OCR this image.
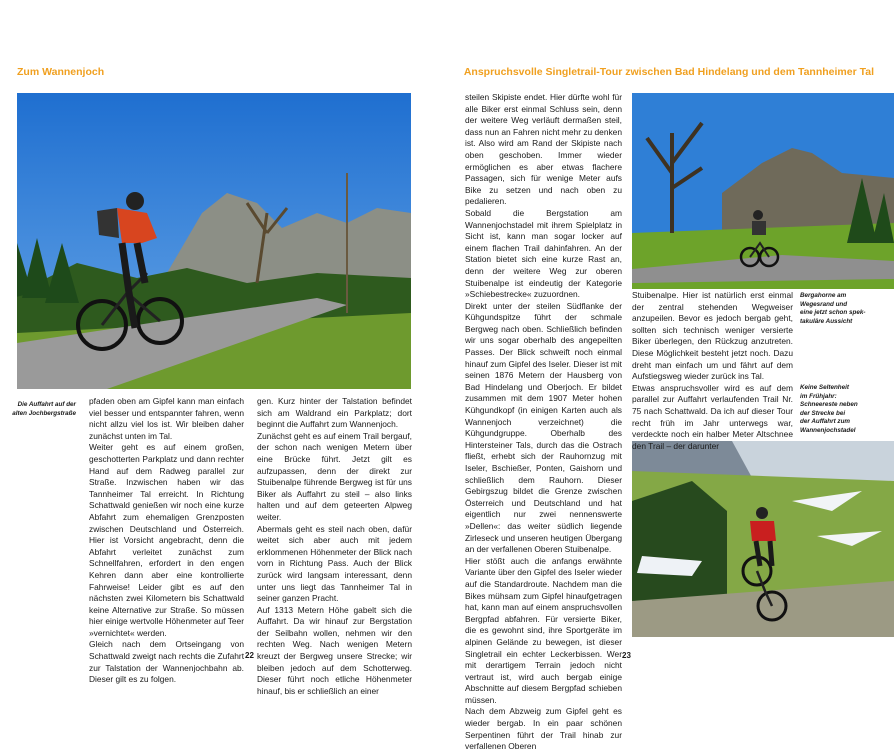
Zum Wannenjoch	Anspruchsvolle Singletrail-Tour zwischen Bad Hindelang und dem Tannheimer Tal
Die Auffahrt auf der
alten Jochbergstraße
Bergahorne am
Wegesrand und
eine jetzt schon spek-
takuläre Aussicht
Keine Seltenheit
im Frühjahr:
Schneereste neben
der Strecke bei
der Auffahrt zum
Wannenjochstadel
pfaden oben am Gipfel kann man einfach viel besser und entspannter fahren, wenn nicht allzu viel los ist. Wir bleiben daher zunächst unten im Tal.
Weiter geht es auf einem großen, geschotterten Parkplatz und dann rechter Hand auf dem Radweg parallel zur Straße. Inzwischen haben wir das Tannheimer Tal erreicht. In Richtung Schattwald genießen wir noch eine kurze Abfahrt zum ehemaligen Grenzposten zwischen Deutschland und Österreich. Hier ist Vorsicht angebracht, denn die Abfahrt verleitet zunächst zum Schnellfahren, erfordert in den engen Kehren dann aber eine kontrollierte Fahrweise! Leider gibt es auf den nächsten zwei Kilometern bis Schattwald keine Alternative zur Straße. So müssen hier einige wertvolle Höhenmeter auf Teer »vernichtet« werden.
Gleich nach dem Ortseingang von Schattwald zweigt nach rechts die Zufahrt zur Talstation der Wannenjochbahn ab. Dieser gilt es zu folgen.
gen. Kurz hinter der Talstation befindet sich am Waldrand ein Parkplatz; dort beginnt die Auffahrt zum Wannenjoch.
Zunächst geht es auf einem Trail bergauf, der schon nach wenigen Metern über eine Brücke führt. Jetzt gilt es aufzupassen, denn der direkt zur Stuibenalpe führende Bergweg ist für uns Biker als Auffahrt zu steil – also links halten und auf dem geteerten Alpweg weiter.
Abermals geht es steil nach oben, dafür weitet sich aber auch mit jedem erklommenen Höhenmeter der Blick nach vorn in Richtung Pass. Auch der Blick zurück wird langsam interessant, denn unter uns liegt das Tannheimer Tal in seiner ganzen Pracht.
Auf 1313 Metern Höhe gabelt sich die Auffahrt. Da wir hinauf zur Bergstation der Seilbahn wollen, nehmen wir den rechten Weg. Nach wenigen Metern kreuzt der Bergweg unsere Strecke; wir bleiben jedoch auf dem Schotterweg. Dieser führt noch etliche Höhenmeter hinauf, bis er schließlich an einer
steilen Skipiste endet. Hier dürfte wohl für alle Biker erst einmal Schluss sein, denn der weitere Weg verläuft dermaßen steil, dass nun an Fahren nicht mehr zu denken ist. Also wird am Rand der Skipiste nach oben geschoben. Immer wieder ermöglichen es aber etwas flachere Passagen, sich für wenige Meter aufs Bike zu setzen und nach oben zu pedalieren.
Sobald die Bergstation am Wannenjochstadel mit ihrem Spielplatz in Sicht ist, kann man sogar locker auf einem flachen Trail dahinfahren. An der Station bietet sich eine kurze Rast an, denn der weitere Weg zur oberen Stuibenalpe ist eindeutig der Kategorie »Schiebestrecke« zuzuordnen.
Direkt unter der steilen Südflanke der Kühgundspitze führt der schmale Bergweg nach oben. Schließlich befinden wir uns sogar oberhalb des angepeilten Passes. Der Blick schweift noch einmal hinauf zum Gipfel des Iseler. Dieser ist mit seinen 1876 Metern der Hausberg von Bad Hindelang und Oberjoch. Er bildet zusammen mit dem 1907 Meter hohen Kühgundkopf (in einigen Karten auch als Wannenjoch verzeichnet) die Kühgundgruppe. Oberhalb des Hintersteiner Tals, durch das die Ostrach fließt, erhebt sich der Rauhornzug mit Iseler, Bschießer, Ponten, Gaishorn und schließlich dem Rauhorn. Dieser Gebirgszug bildet die Grenze zwischen Österreich und Deutschland und hat eigentlich nur zwei nennenswerte »Dellen«: das weiter südlich liegende Zirleseck und unseren heutigen Übergang an der verfallenen Oberen Stuibenalpe.
Hier stößt auch die anfangs erwähnte Variante über den Gipfel des Iseler wieder auf die Standardroute. Nachdem man die Bikes mühsam zum Gipfel hinaufgetragen hat, kann man auf einem anspruchsvollen Bergpfad abfahren. Für versierte Biker, die es gewohnt sind, ihre Sportgeräte im alpinen Gelände zu bewegen, ist dieser Singletrail ein echter Leckerbissen. Wer mit derartigem Terrain jedoch nicht vertraut ist, wird auch bergab einige Abschnitte auf diesem Bergpfad schieben müssen.
Nach dem Abzweig zum Gipfel geht es wieder bergab. In ein paar schönen Serpentinen führt der Trail hinab zur verfallenen Oberen
Stuibenalpe. Hier ist natürlich erst einmal der zentral stehenden Wegweiser anzupeilen. Bevor es jedoch bergab geht, sollten sich technisch weniger versierte Biker überlegen, den Rückzug anzutreten. Diese Möglichkeit besteht jetzt noch. Dazu dreht man einfach um und fährt auf dem Aufstiegsweg wieder zurück ins Tal.
Etwas anspruchsvoller wird es auf dem parallel zur Auffahrt verlaufenden Trail Nr. 75 nach Schattwald. Da ich auf dieser Tour recht früh im Jahr unterwegs war, verdeckte noch ein halber Meter Altschnee den Trail – der darunter
22	23
